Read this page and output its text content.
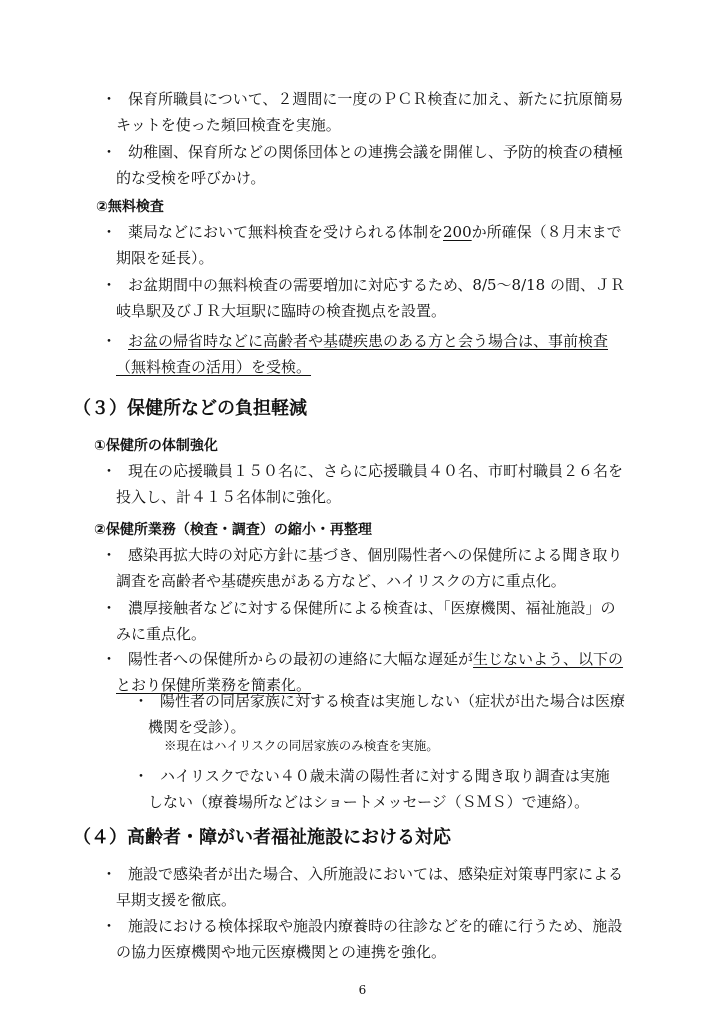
・ 保育所職員について、２週間に一度のＰＣＲ検査に加え、新たに抗原簡易
キットを使った頻回検査を実施。
・ 幼稚園、保育所などの関係団体との連携会議を開催し、予防的検査の積極
的な受検を呼びかけ。
②無料検査
・ 薬局などにおいて無料検査を受けられる体制を200か所確保（８月末まで
期限を延長）。
・ お盆期間中の無料検査の需要増加に対応するため、8/5～8/18 の間、ＪＲ
岐阜駅及びＪＲ大垣駅に臨時の検査拠点を設置。
・ お盆の帰省時などに高齢者や基礎疾患のある方と会う場合は、事前検査
（無料検査の活用）を受検。
（３）保健所などの負担軽減
①保健所の体制強化
・ 現在の応援職員１５０名に、さらに応援職員４０名、市町村職員２６名を
投入し、計４１５名体制に強化。
②保健所業務（検査・調査）の縮小・再整理
・ 感染再拡大時の対応方針に基づき、個別陽性者への保健所による聞き取り
調査を高齢者や基礎疾患がある方など、ハイリスクの方に重点化。
・ 濃厚接触者などに対する保健所による検査は、「医療機関、福祉施設」の
みに重点化。
・ 陽性者への保健所からの最初の連絡に大幅な遅延が生じないよう、以下の
とおり保健所業務を簡素化。
・ 陽性者の同居家族に対する検査は実施しない（症状が出た場合は医療
機関を受診）。
※現在はハイリスクの同居家族のみ検査を実施。
・ ハイリスクでない４０歳未満の陽性者に対する聞き取り調査は実施
しない（療養場所などはショートメッセージ（ＳＭＳ）で連絡）。
（４）高齢者・障がい者福祉施設における対応
・ 施設で感染者が出た場合、入所施設においては、感染症対策専門家による
早期支援を徹底。
・ 施設における検体採取や施設内療養時の往診などを的確に行うため、施設
の協力医療機関や地元医療機関との連携を強化。
6
